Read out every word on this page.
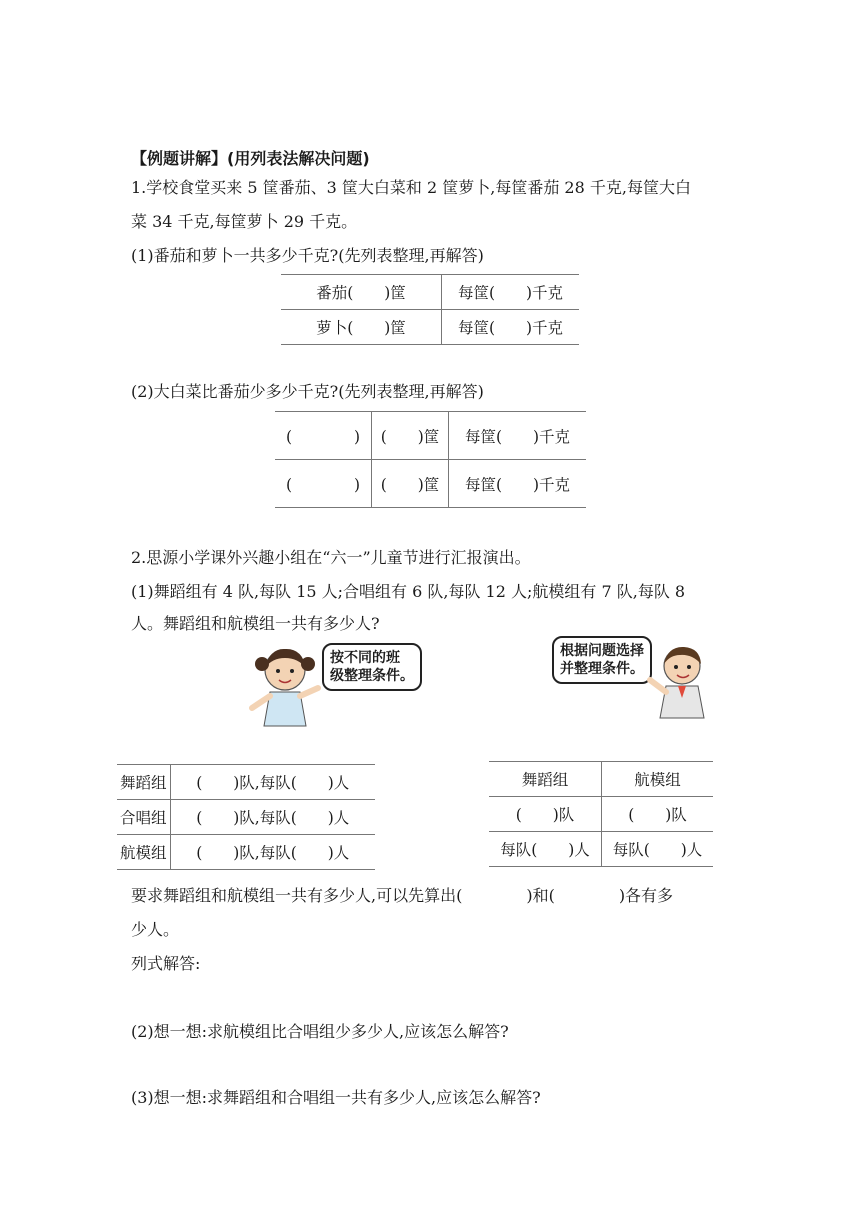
【例题讲解】(用列表法解决问题)
1.学校食堂买来 5 筐番茄、3 筐大白菜和 2 筐萝卜,每筐番茄 28 千克,每筐大白
菜 34 千克,每筐萝卜 29 千克。
(1)番茄和萝卜一共多少千克?(先列表整理,再解答)
番茄(　　)筐	每筐(　　)千克
萝卜(　　)筐	每筐(　　)千克
(2)大白菜比番茄少多少千克?(先列表整理,再解答)
(　　　　)	(　　)筐	每筐(　　)千克
(　　　　)	(　　)筐	每筐(　　)千克
2.思源小学课外兴趣小组在“六一”儿童节进行汇报演出。
(1)舞蹈组有 4 队,每队 15 人;合唱组有 6 队,每队 12 人;航模组有 7 队,每队 8
人。舞蹈组和航模组一共有多少人?
按不同的班
级整理条件。
根据问题选择
并整理条件。
舞蹈组	(　　)队,每队(　　)人
合唱组	(　　)队,每队(　　)人
航模组	(　　)队,每队(　　)人
舞蹈组	航模组
(　　)队	(　　)队
每队(　　)人	每队(　　)人
要求舞蹈组和航模组一共有多少人,可以先算出(　　　　)和(　　　　)各有多
少人。
列式解答:
(2)想一想:求航模组比合唱组少多少人,应该怎么解答?
(3)想一想:求舞蹈组和合唱组一共有多少人,应该怎么解答?
